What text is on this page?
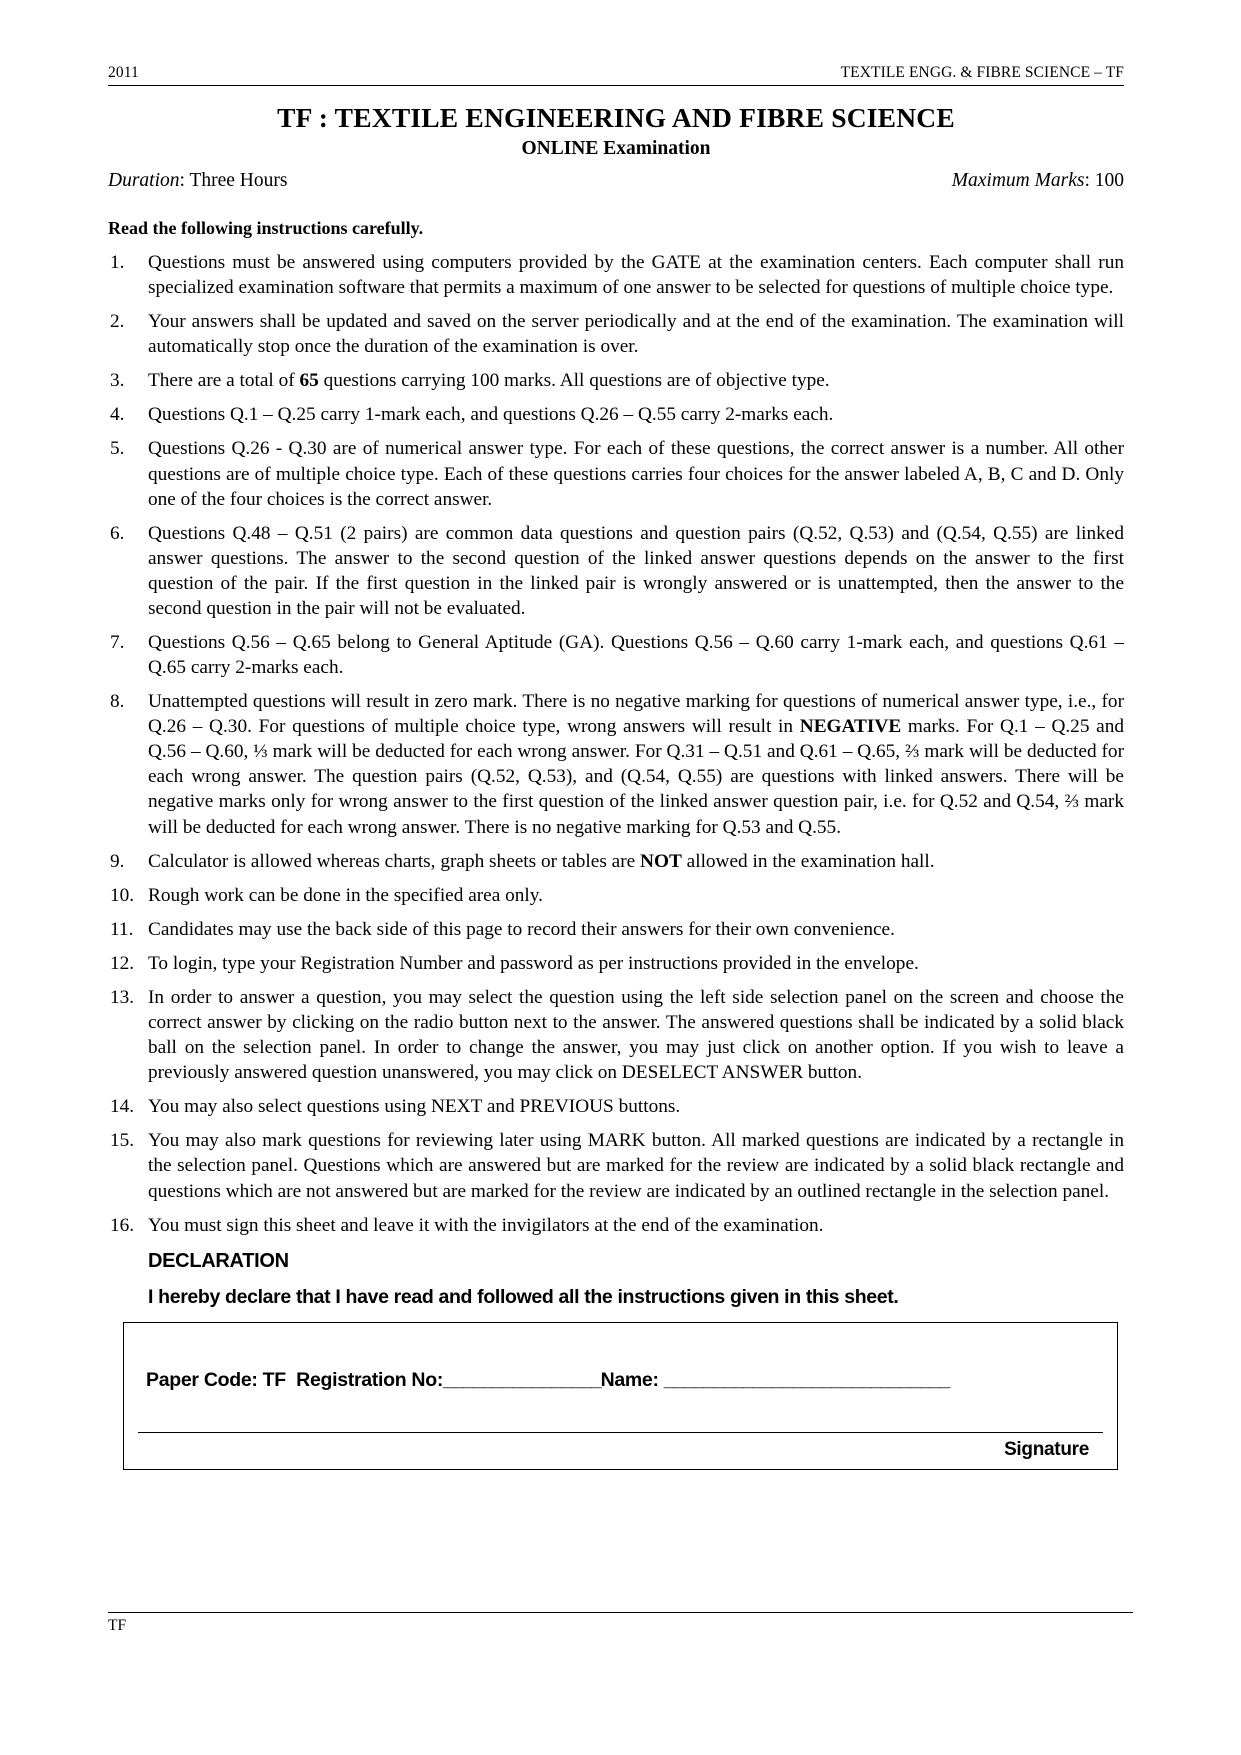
2011	TEXTILE ENGG. & FIBRE SCIENCE – TF
TF : TEXTILE ENGINEERING AND FIBRE SCIENCE
ONLINE Examination
Duration: Three Hours	Maximum Marks: 100
Read the following instructions carefully.
1.	Questions must be answered using computers provided by the GATE at the examination centers. Each computer shall run specialized examination software that permits a maximum of one answer to be selected for questions of multiple choice type.
2.	Your answers shall be updated and saved on the server periodically and at the end of the examination. The examination will automatically stop once the duration of the examination is over.
3.	There are a total of 65 questions carrying 100 marks. All questions are of objective type.
4.	Questions Q.1 – Q.25 carry 1-mark each, and questions Q.26 – Q.55 carry 2-marks each.
5.	Questions Q.26 - Q.30 are of numerical answer type. For each of these questions, the correct answer is a number. All other questions are of multiple choice type. Each of these questions carries four choices for the answer labeled A, B, C and D. Only one of the four choices is the correct answer.
6.	Questions Q.48 – Q.51 (2 pairs) are common data questions and question pairs (Q.52, Q.53) and (Q.54, Q.55) are linked answer questions. The answer to the second question of the linked answer questions depends on the answer to the first question of the pair. If the first question in the linked pair is wrongly answered or is unattempted, then the answer to the second question in the pair will not be evaluated.
7.	Questions Q.56 – Q.65 belong to General Aptitude (GA). Questions Q.56 – Q.60 carry 1-mark each, and questions Q.61 – Q.65 carry 2-marks each.
8.	Unattempted questions will result in zero mark. There is no negative marking for questions of numerical answer type, i.e., for Q.26 – Q.30. For questions of multiple choice type, wrong answers will result in NEGATIVE marks. For Q.1 – Q.25 and Q.56 – Q.60, ⅓ mark will be deducted for each wrong answer. For Q.31 – Q.51 and Q.61 – Q.65, ⅔ mark will be deducted for each wrong answer. The question pairs (Q.52, Q.53), and (Q.54, Q.55) are questions with linked answers. There will be negative marks only for wrong answer to the first question of the linked answer question pair, i.e. for Q.52 and Q.54, ⅔ mark will be deducted for each wrong answer. There is no negative marking for Q.53 and Q.55.
9.	Calculator is allowed whereas charts, graph sheets or tables are NOT allowed in the examination hall.
10. Rough work can be done in the specified area only.
11. Candidates may use the back side of this page to record their answers for their own convenience.
12. To login, type your Registration Number and password as per instructions provided in the envelope.
13. In order to answer a question, you may select the question using the left side selection panel on the screen and choose the correct answer by clicking on the radio button next to the answer. The answered questions shall be indicated by a solid black ball on the selection panel. In order to change the answer, you may just click on another option. If you wish to leave a previously answered question unanswered, you may click on DESELECT ANSWER button.
14. You may also select questions using NEXT and PREVIOUS buttons.
15. You may also mark questions for reviewing later using MARK button. All marked questions are indicated by a rectangle in the selection panel. Questions which are answered but are marked for the review are indicated by a solid black rectangle and questions which are not answered but are marked for the review are indicated by an outlined rectangle in the selection panel.
16. You must sign this sheet and leave it with the invigilators at the end of the examination.
DECLARATION
I hereby declare that I have read and followed all the instructions given in this sheet.
Paper Code: TF Registration No:________________Name: _____________________________
Signature
TF
